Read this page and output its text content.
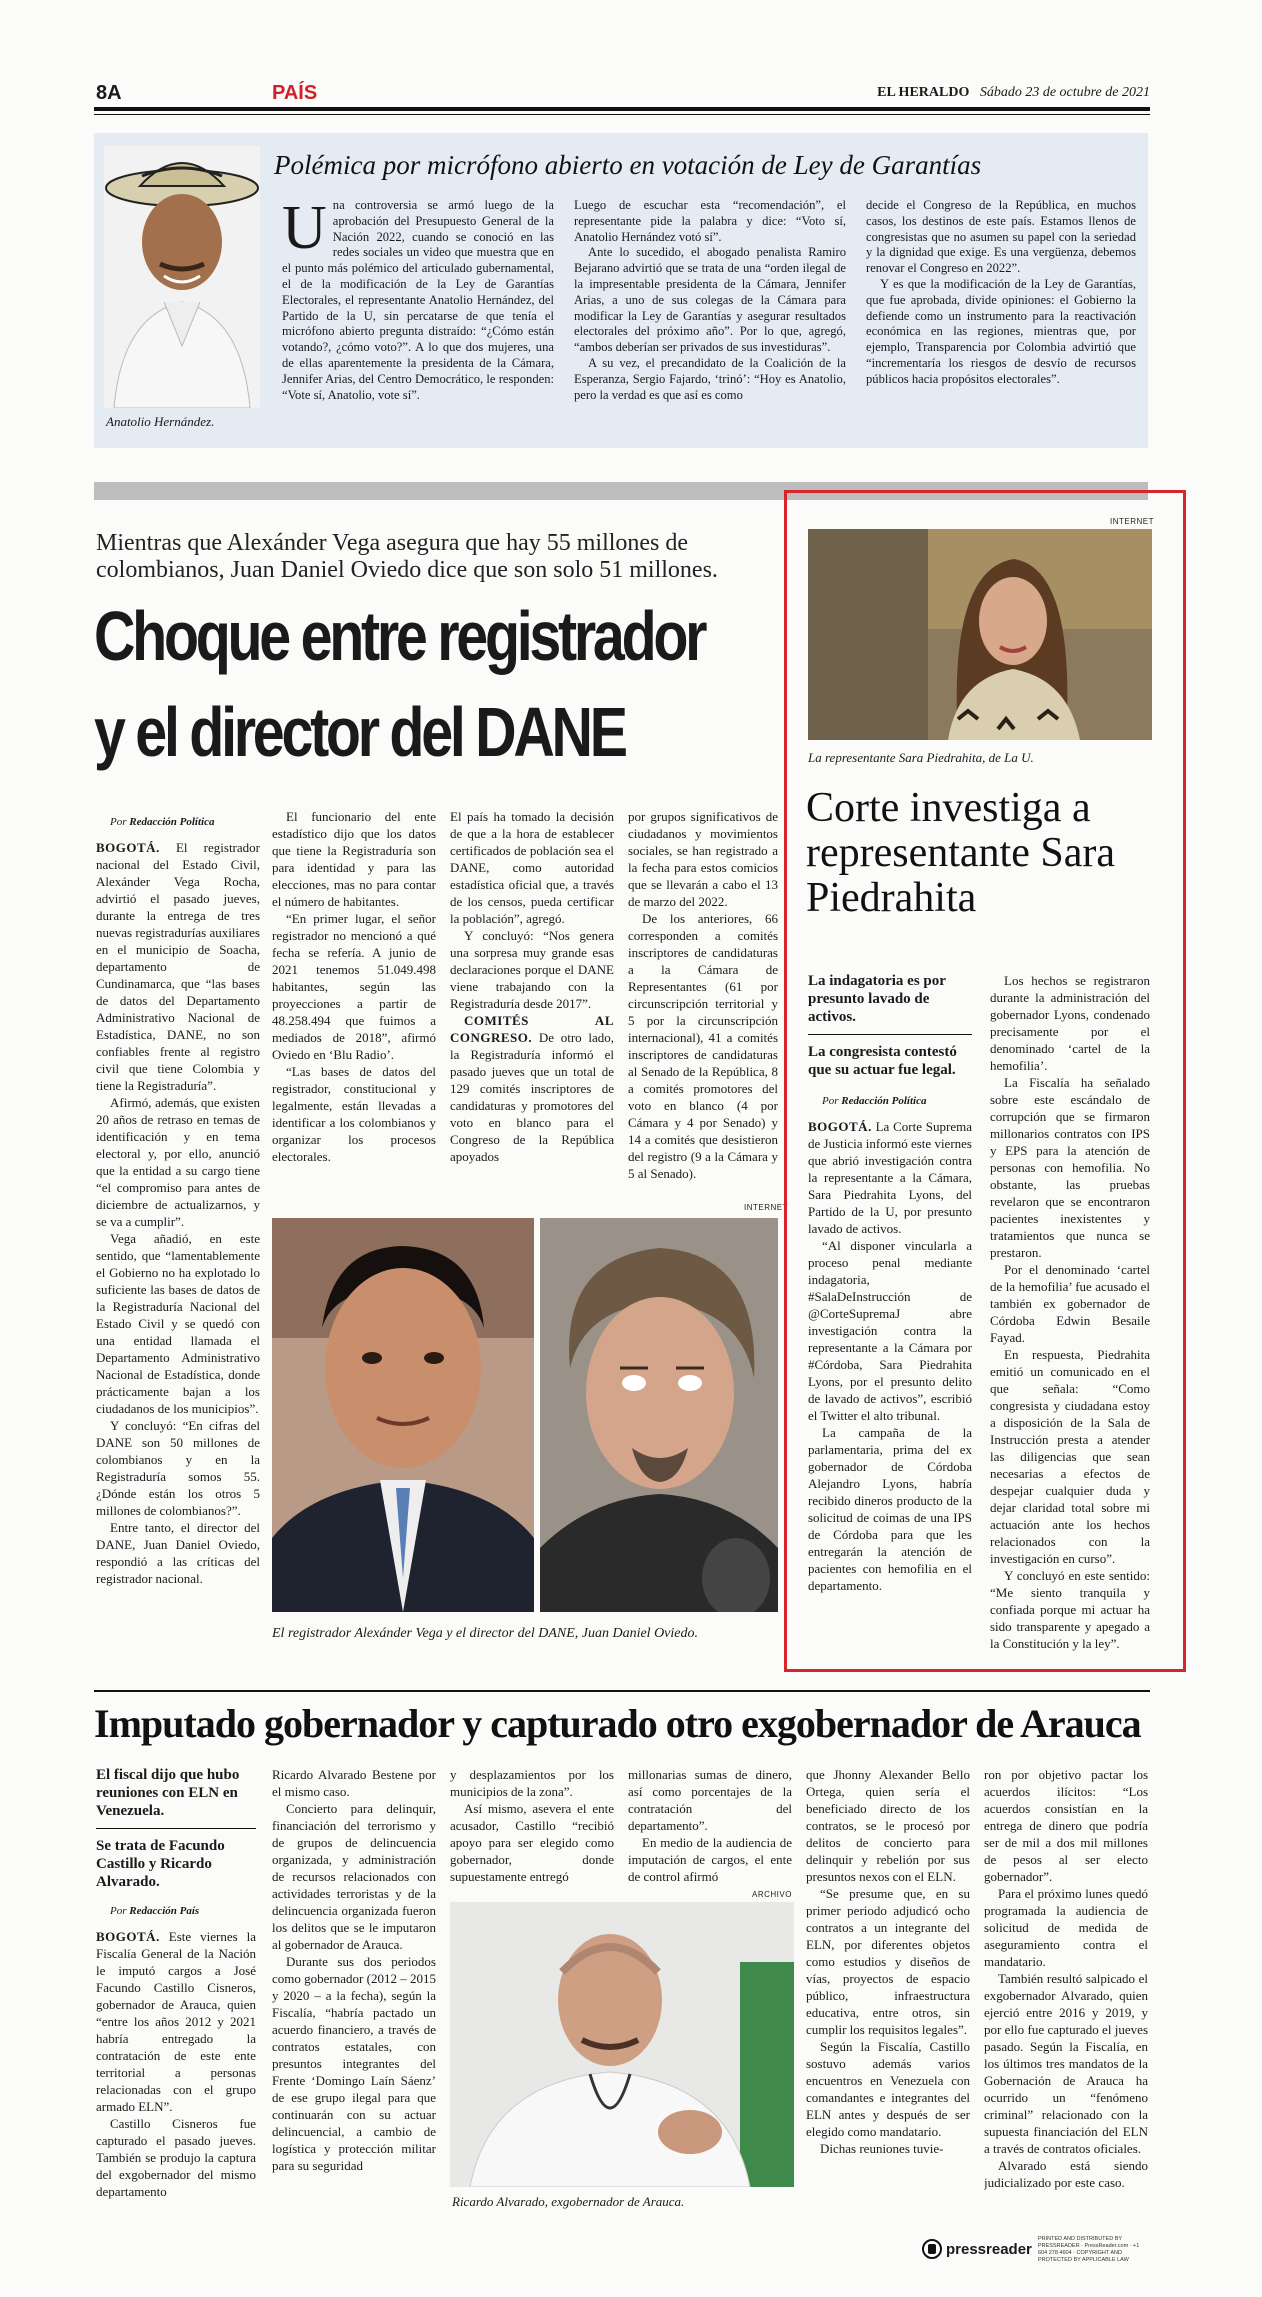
8A	PAÍS	EL HERALDO Sábado 23 de octubre de 2021
Anatolio Hernández.
Polémica por micrófono abierto en votación de Ley de Garantías
U na controversia se armó luego de la aprobación del Presupuesto General de la Nación 2022, cuando se conoció en las redes sociales un video que muestra que en el punto más polémico del articulado gubernamental, el de la modificación de la Ley de Garantías Electorales, el representante Anatolio Hernández, del Partido de la U, sin percatarse de que tenía el micrófono abierto pregunta distraído: “¿Cómo están votando?, ¿cómo voto?”. A lo que dos mujeres, una de ellas aparentemente la presidenta de la Cámara, Jennifer Arias, del Centro Democrático, le responden: “Vote sí, Anatolio, vote sí”.

Luego de escuchar esta “recomendación”, el representante pide la palabra y dice: “Voto sí, Anatolio Hernández votó sí”.

Ante lo sucedido, el abogado penalista Ramiro Bejarano advirtió que se trata de una “orden ilegal de la impresentable presidenta de la Cámara, Jennifer Arias, a uno de sus colegas de la Cámara para modificar la Ley de Garantías y asegurar resultados electorales del próximo año”. Por lo que, agregó, “ambos deberían ser privados de sus investiduras”.

A su vez, el precandidato de la Coalición de la Esperanza, Sergio Fajardo, ‘trinó’: “Hoy es Anatolio, pero la verdad es que así es como

decide el Congreso de la República, en muchos casos, los destinos de este país. Estamos llenos de congresistas que no asumen su papel con la seriedad y la dignidad que exige. Es una vergüenza, debemos renovar el Congreso en 2022”.

Y es que la modificación de la Ley de Garantías, que fue aprobada, divide opiniones: el Gobierno la defiende como un instrumento para la reactivación económica en las regiones, mientras que, por ejemplo, Transparencia por Colombia advirtió que “incrementaría los riesgos de desvío de recursos públicos hacia propósitos electorales”.

Mientras que Alexánder Vega asegura que hay 55 millones de colombianos, Juan Daniel Oviedo dice que son solo 51 millones.
Choque entre registrador
y el director del DANE
Por Redacción Política

BOGOTÁ. El registrador nacional del Estado Civil, Alexánder Vega Rocha, advirtió el pasado jueves, durante la entrega de tres nuevas registradurías auxiliares en el municipio de Soacha, departamento de Cundinamarca, que “las bases de datos del Departamento Administrativo Nacional de Estadística, DANE, no son confiables frente al registro civil que tiene Colombia y tiene la Registraduría”.

Afirmó, además, que existen 20 años de retraso en temas de identificación y en tema electoral y, por ello, anunció que la entidad a su cargo tiene “el compromiso para antes de diciembre de actualizarnos, y se va a cumplir”.

Vega añadió, en este sentido, que “lamentablemente el Gobierno no ha explotado lo suficiente las bases de datos de la Registraduría Nacional del Estado Civil y se quedó con una entidad llamada el Departamento Administrativo Nacional de Estadística, donde prácticamente bajan a los ciudadanos de los municipios”.

Y concluyó: “En cifras del DANE son 50 millones de colombianos y en la Registraduría somos 55. ¿Dónde están los otros 5 millones de colombianos?”.

Entre tanto, el director del DANE, Juan Daniel Oviedo, respondió a las críticas del registrador nacional.

El funcionario del ente estadístico dijo que los datos que tiene la Registraduría son para identidad y para las elecciones, mas no para contar el número de habitantes.

“En primer lugar, el señor registrador no mencionó a qué fecha se refería. A junio de 2021 tenemos 51.049.498 habitantes, según las proyecciones a partir de 48.258.494 que fuimos a mediados de 2018”, afirmó Oviedo en ‘Blu Radio’.

“Las bases de datos del registrador, constitucional y legalmente, están llevadas a identificar a los colombianos y organizar los procesos electorales.

El país ha tomado la decisión de que a la hora de establecer certificados de población sea el DANE, como autoridad estadística oficial que, a través de los censos, pueda certificar la población”, agregó.

Y concluyó: “Nos genera una sorpresa muy grande esas declaraciones porque el DANE viene trabajando con la Registraduría desde 2017”.

COMITÉS AL CONGRESO. De otro lado, la Registraduría informó el pasado jueves que un total de 129 comités inscriptores de candidaturas y promotores del voto en blanco para el Congreso de la República apoyados

por grupos significativos de ciudadanos y movimientos sociales, se han registrado a la fecha para estos comicios que se llevarán a cabo el 13 de marzo del 2022.

De los anteriores, 66 corresponden a comités inscriptores de candidaturas a la Cámara de Representantes (61 por circunscripción territorial y 5 por la circunscripción internacional), 41 a comités inscriptores de candidaturas al Senado de la República, 8 a comités promotores del voto en blanco (4 por Cámara y 4 por Senado) y 14 a comités que desistieron del registro (9 a la Cámara y 5 al Senado).

INTERNET
El registrador Alexánder Vega y el director del DANE, Juan Daniel Oviedo.
INTERNET
La representante Sara Piedrahita, de La U.
Corte investiga a representante Sara Piedrahita
La indagatoria es por presunto lavado de activos.
La congresista contestó que su actuar fue legal.
Por Redacción Política

BOGOTÁ. La Corte Suprema de Justicia informó este viernes que abrió investigación contra la representante a la Cámara, Sara Piedrahita Lyons, del Partido de la U, por presunto lavado de activos.

“Al disponer vincularla a proceso penal mediante indagatoria, #SalaDeInstrucción de @CorteSupremaJ abre investigación contra la representante a la Cámara por #Córdoba, Sara Piedrahita Lyons, por el presunto delito de lavado de activos”, escribió el Twitter el alto tribunal.

La campaña de la parlamentaria, prima del ex gobernador de Córdoba Alejandro Lyons, habría recibido dineros producto de la solicitud de coimas de una IPS de Córdoba para que les entregarán la atención de pacientes con hemofilia en el departamento.

Los hechos se registraron durante la administración del gobernador Lyons, condenado precisamente por el denominado ‘cartel de la hemofilia’.

La Fiscalía ha señalado sobre este escándalo de corrupción que se firmaron millonarios contratos con IPS y EPS para la atención de personas con hemofilia. No obstante, las pruebas revelaron que se encontraron pacientes inexistentes y tratamientos que nunca se prestaron.

Por el denominado ‘cartel de la hemofilia’ fue acusado el también ex gobernador de Córdoba Edwin Besaile Fayad.

En respuesta, Piedrahita emitió un comunicado en el que señala: “Como congresista y ciudadana estoy a disposición de la Sala de Instrucción presta a atender las diligencias que sean necesarias a efectos de despejar cualquier duda y dejar claridad total sobre mi actuación ante los hechos relacionados con la investigación en curso”.

Y concluyó en este sentido: “Me siento tranquila y confiada porque mi actuar ha sido transparente y apegado a la Constitución y la ley”.

Imputado gobernador y capturado otro exgobernador de Arauca
El fiscal dijo que hubo reuniones con ELN en Venezuela.
Se trata de Facundo Castillo y Ricardo Alvarado.
Por Redacción País

BOGOTÁ. Este viernes la Fiscalía General de la Nación le imputó cargos a José Facundo Castillo Cisneros, gobernador de Arauca, quien “entre los años 2012 y 2021 habría entregado la contratación de este ente territorial a personas relacionadas con el grupo armado ELN”.

Castillo Cisneros fue capturado el pasado jueves. También se produjo la captura del exgobernador del mismo departamento

Ricardo Alvarado Bestene por el mismo caso.

Concierto para delinquir, financiación del terrorismo y de grupos de delincuencia organizada, y administración de recursos relacionados con actividades terroristas y de la delincuencia organizada fueron los delitos que se le imputaron al gobernador de Arauca.

Durante sus dos periodos como gobernador (2012 – 2015 y 2020 – a la fecha), según la Fiscalía, “habría pactado un acuerdo financiero, a través de contratos estatales, con presuntos integrantes del Frente ‘Domingo Laín Sáenz’ de ese grupo ilegal para que continuarán con su actuar delincuencial, a cambio de logística y protección militar para su seguridad

y desplazamientos por los municipios de la zona”.

Así mismo, asevera el ente acusador, Castillo “recibió apoyo para ser elegido como gobernador, donde supuestamente entregó

millonarias sumas de dinero, así como porcentajes de la contratación del departamento”.

En medio de la audiencia de imputación de cargos, el ente de control afirmó

ARCHIVO
Ricardo Alvarado, exgobernador de Arauca.

que Jhonny Alexander Bello Ortega, quien sería el beneficiado directo de los contratos, se le procesó por delitos de concierto para delinquir y rebelión por sus presuntos nexos con el ELN.

“Se presume que, en su primer periodo adjudicó ocho contratos a un integrante del ELN, por diferentes objetos como estudios y diseños de vías, proyectos de espacio público, infraestructura educativa, entre otros, sin cumplir los requisitos legales”.

Según la Fiscalía, Castillo sostuvo además varios encuentros en Venezuela con comandantes e integrantes del ELN antes y después de ser elegido como mandatario.

Dichas reuniones tuvie-

ron por objetivo pactar los acuerdos ilícitos: “Los acuerdos consistían en la entrega de dinero que podría ser de mil a dos mil millones de pesos al ser electo gobernador”.

Para el próximo lunes quedó programada la audiencia de solicitud de medida de aseguramiento contra el mandatario.

También resultó salpicado el exgobernador Alvarado, quien ejerció entre 2016 y 2019, y por ello fue capturado el jueves pasado. Según la Fiscalía, en los últimos tres mandatos de la Gobernación de Arauca ha ocurrido un “fenómeno criminal” relacionado con la supuesta financiación del ELN a través de contratos oficiales.

Alvarado está siendo judicializado por este caso.

pressreader
PRINTED AND DISTRIBUTED BY PRESSREADER · PressReader.com · +1 604 278 4604 · COPYRIGHT AND PROTECTED BY APPLICABLE LAW
